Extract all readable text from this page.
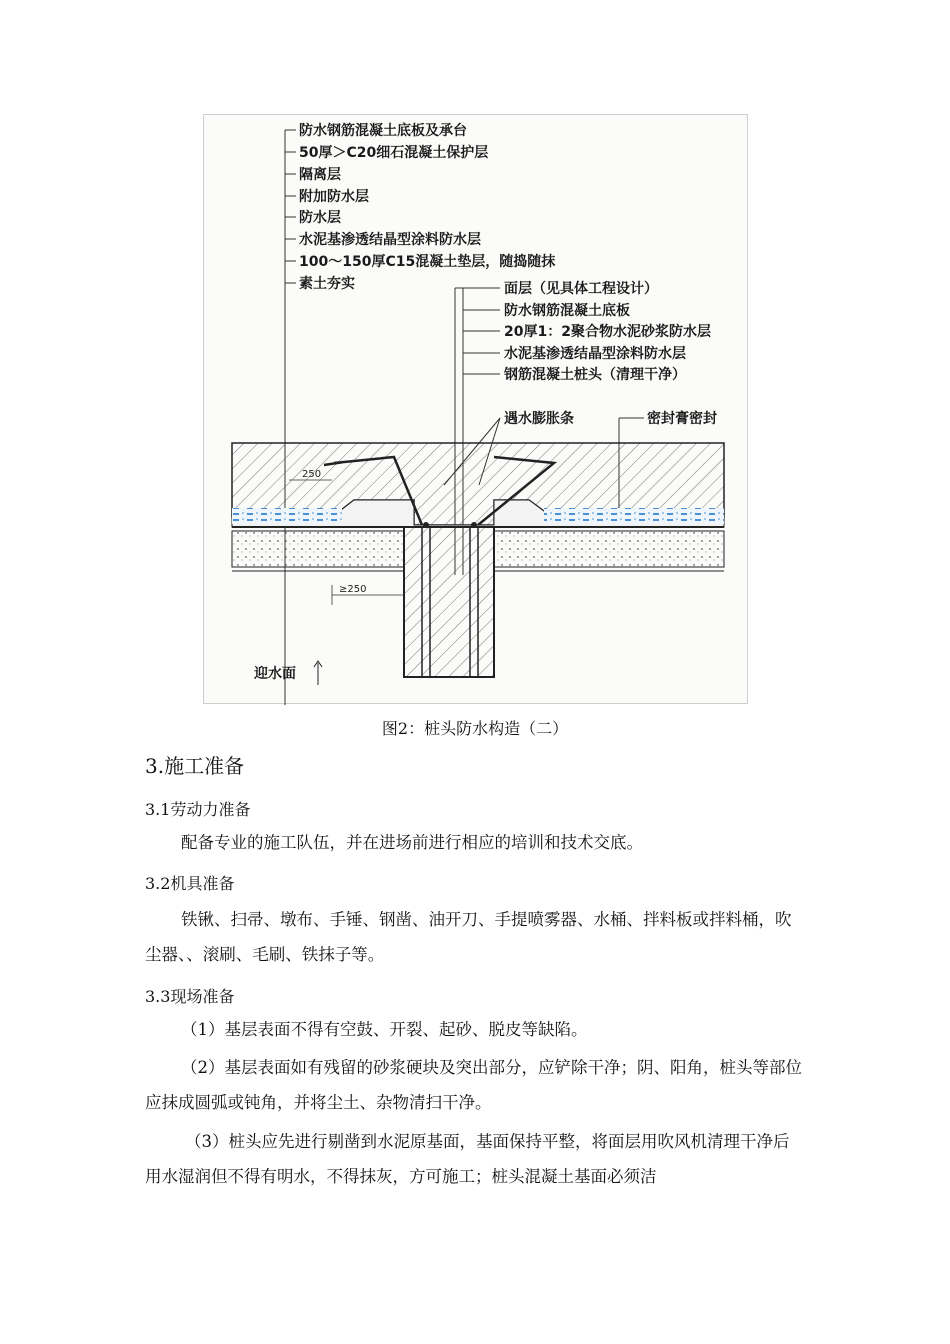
防水钢筋混凝土底板及承台
50厚＞C20细石混凝土保护层
隔离层
附加防水层
防水层
水泥基渗透结晶型涂料防水层
100～150厚C15混凝土垫层，随捣随抹
素土夯实	面层（见具体工程设计）
防水钢筋混凝土底板
20厚1：2聚合物水泥砂浆防水层
水泥基渗透结晶型涂料防水层
钢筋混凝土桩头（清理干净）
遇水膨胀条	密封膏密封
250
≥250
迎水面
图2：桩头防水构造（二）
3.施工准备
3.1劳动力准备
配备专业的施工队伍，并在进场前进行相应的培训和技术交底。
3.2机具准备
铁锹、扫帚、墩布、手锤、钢凿、油开刀、手提喷雾器、水桶、拌料板或拌料桶，吹尘器、、滚刷、毛刷、铁抹子等。
3.3现场准备
（1）基层表面不得有空鼓、开裂、起砂、脱皮等缺陷。
（2）基层表面如有残留的砂浆硬块及突出部分，应铲除干净；阴、阳角，桩头等部位应抹成圆弧或钝角，并将尘土、杂物清扫干净。
（3）桩头应先进行剔凿到水泥原基面，基面保持平整，将面层用吹风机清理干净后用水湿润但不得有明水，不得抹灰，方可施工；桩头混凝土基面必须洁
